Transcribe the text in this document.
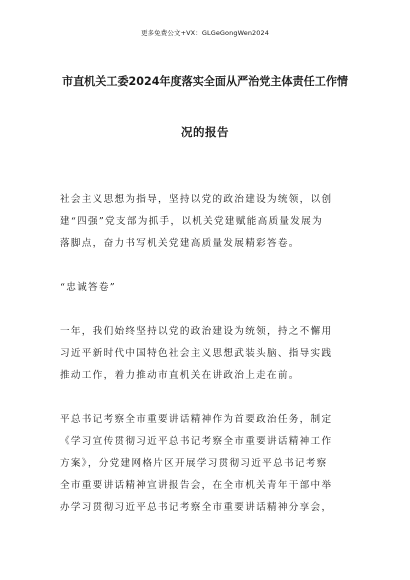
更多免费公文+VX：GLGeGongWen2024
市直机关工委2024年度落实全面从严治党主体责任工作情
况的报告
社会主义思想为指导，坚持以党的政治建设为统领，以创
建“四强”党支部为抓手，以机关党建赋能高质量发展为
落脚点，奋力书写机关党建高质量发展精彩答卷。
“忠诚答卷”
一年，我们始终坚持以党的政治建设为统领，持之不懈用
习近平新时代中国特色社会主义思想武装头脑、指导实践
推动工作，着力推动市直机关在讲政治上走在前。
平总书记考察全市重要讲话精神作为首要政治任务，制定
《学习宣传贯彻习近平总书记考察全市重要讲话精神工作
方案》，分党建网格片区开展学习贯彻习近平总书记考察
全市重要讲话精神宣讲报告会，在全市机关青年干部中举
办学习贯彻习近平总书记考察全市重要讲话精神分享会，
